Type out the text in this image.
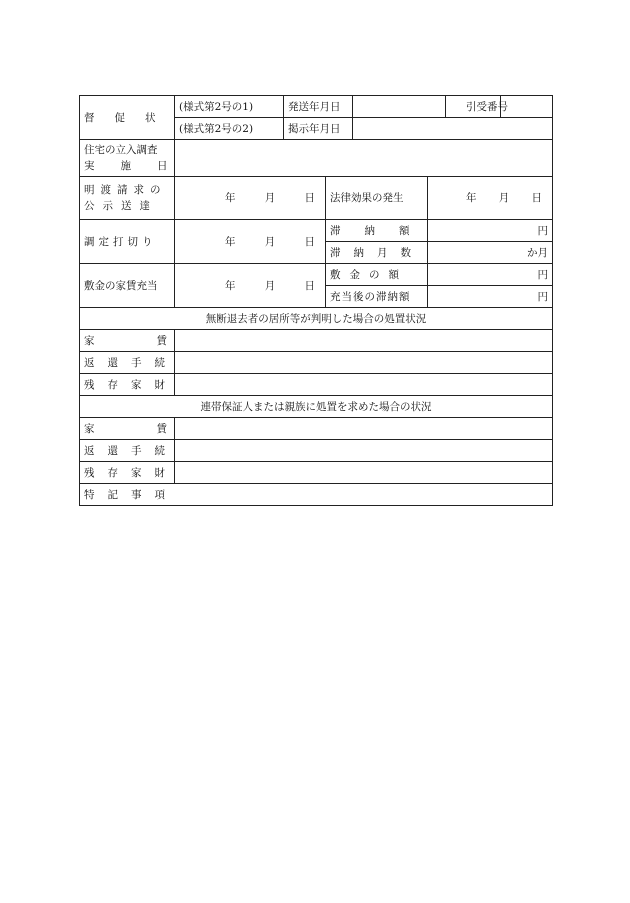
督促状	(様式第2号の1)	発送年月日				引受番号	
	(様式第2号の2)	掲示年月日					

住宅の立入調査
実施日							

明渡請求の
公示送達	年 月 日		法律効果の発生		年 月 日		

調定打切り	年 月 日		滞納額		円		
			滞納月数		か月		
敷金の家賃充当	年 月 日		敷金の額		円		
			充当後の滞納額		円		
無断退去者の居所等が判明した場合の処置状況							

家賃							

返還手続							
残存家財							
連帯保証人または親族に処置を求めた場合の状況							

家賃							

返還手続							
残存家財							
特記事項							
